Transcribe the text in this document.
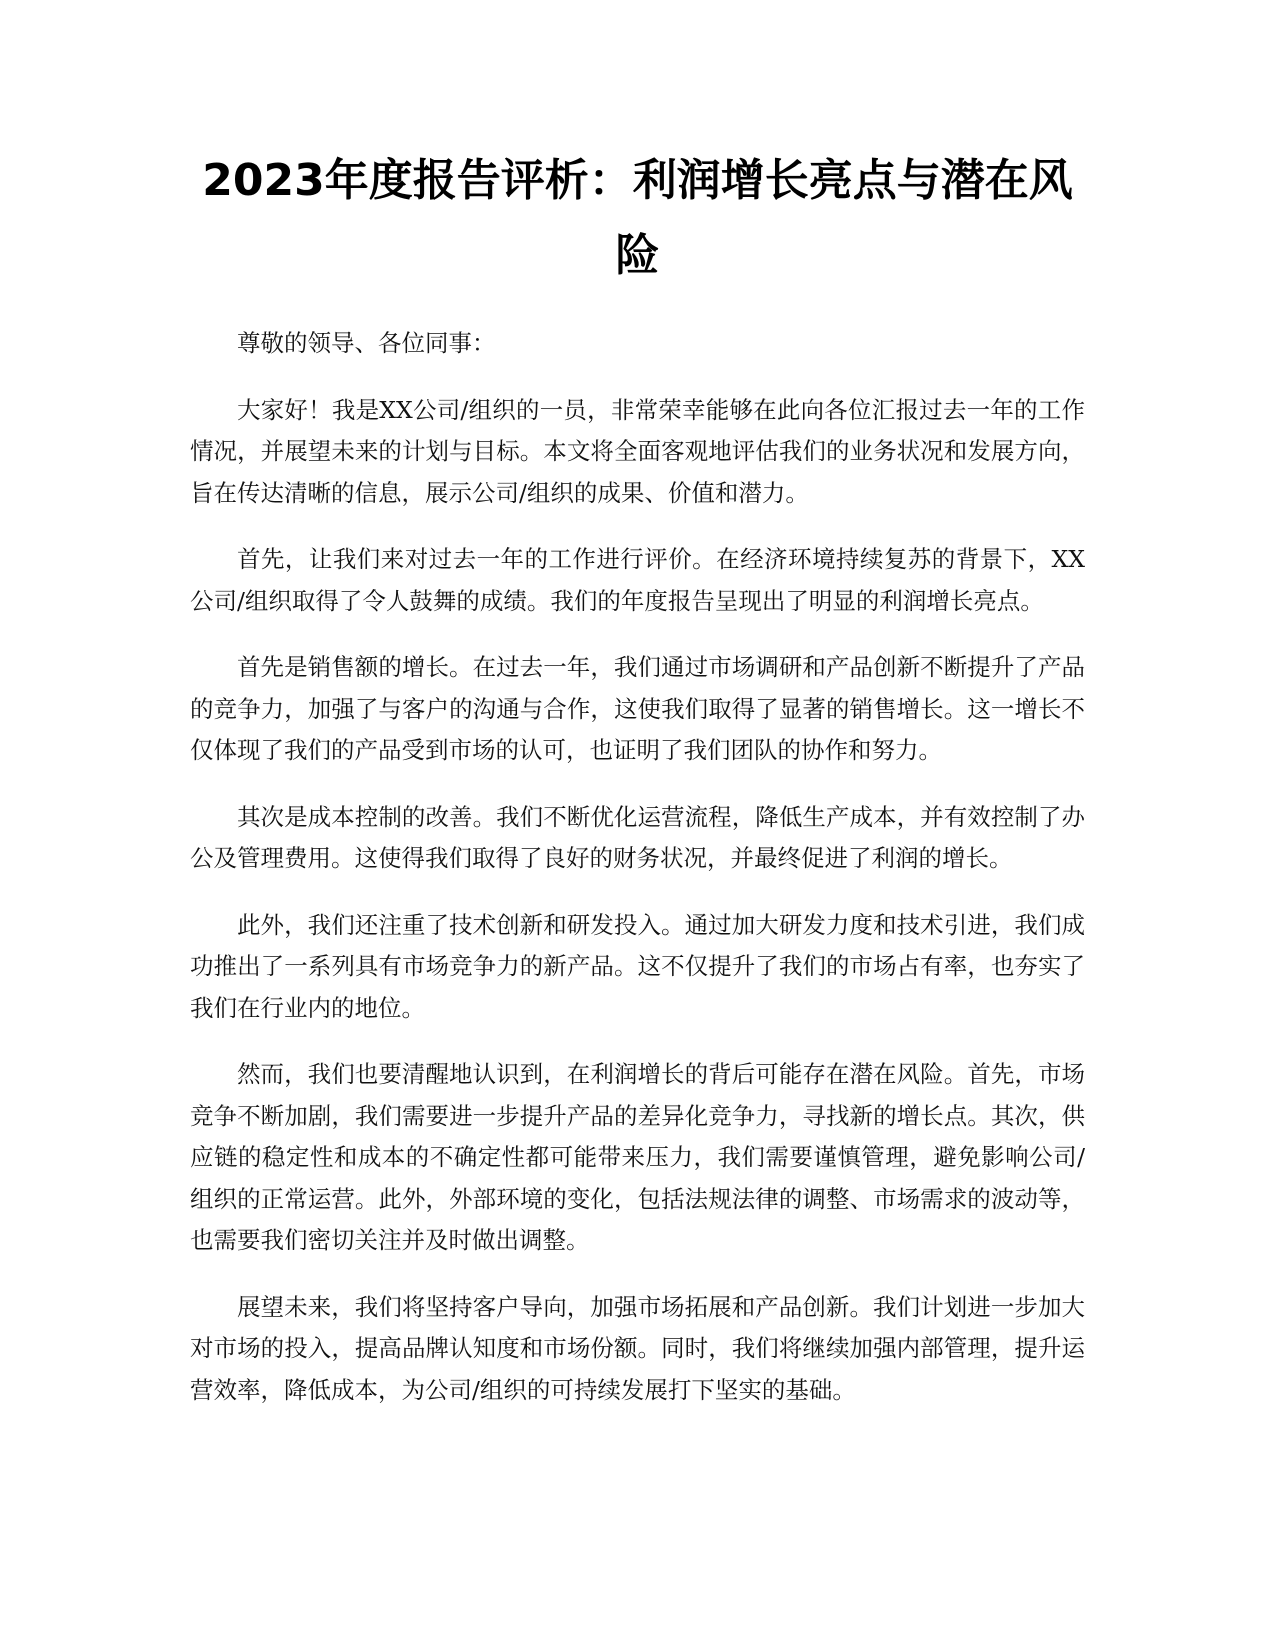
2023年度报告评析：利润增长亮点与潜在风险

尊敬的领导、各位同事：

大家好！我是XX公司/组织的一员，非常荣幸能够在此向各位汇报过去一年的工作情况，并展望未来的计划与目标。本文将全面客观地评估我们的业务状况和发展方向，旨在传达清晰的信息，展示公司/组织的成果、价值和潜力。

首先，让我们来对过去一年的工作进行评价。在经济环境持续复苏的背景下，XX公司/组织取得了令人鼓舞的成绩。我们的年度报告呈现出了明显的利润增长亮点。

首先是销售额的增长。在过去一年，我们通过市场调研和产品创新不断提升了产品的竞争力，加强了与客户的沟通与合作，这使我们取得了显著的销售增长。这一增长不仅体现了我们的产品受到市场的认可，也证明了我们团队的协作和努力。

其次是成本控制的改善。我们不断优化运营流程，降低生产成本，并有效控制了办公及管理费用。这使得我们取得了良好的财务状况，并最终促进了利润的增长。

此外，我们还注重了技术创新和研发投入。通过加大研发力度和技术引进，我们成功推出了一系列具有市场竞争力的新产品。这不仅提升了我们的市场占有率，也夯实了我们在行业内的地位。

然而，我们也要清醒地认识到，在利润增长的背后可能存在潜在风险。首先，市场竞争不断加剧，我们需要进一步提升产品的差异化竞争力，寻找新的增长点。其次，供应链的稳定性和成本的不确定性都可能带来压力，我们需要谨慎管理，避免影响公司/组织的正常运营。此外，外部环境的变化，包括法规法律的调整、市场需求的波动等，也需要我们密切关注并及时做出调整。

展望未来，我们将坚持客户导向，加强市场拓展和产品创新。我们计划进一步加大对市场的投入，提高品牌认知度和市场份额。同时，我们将继续加强内部管理，提升运营效率，降低成本，为公司/组织的可持续发展打下坚实的基础。
